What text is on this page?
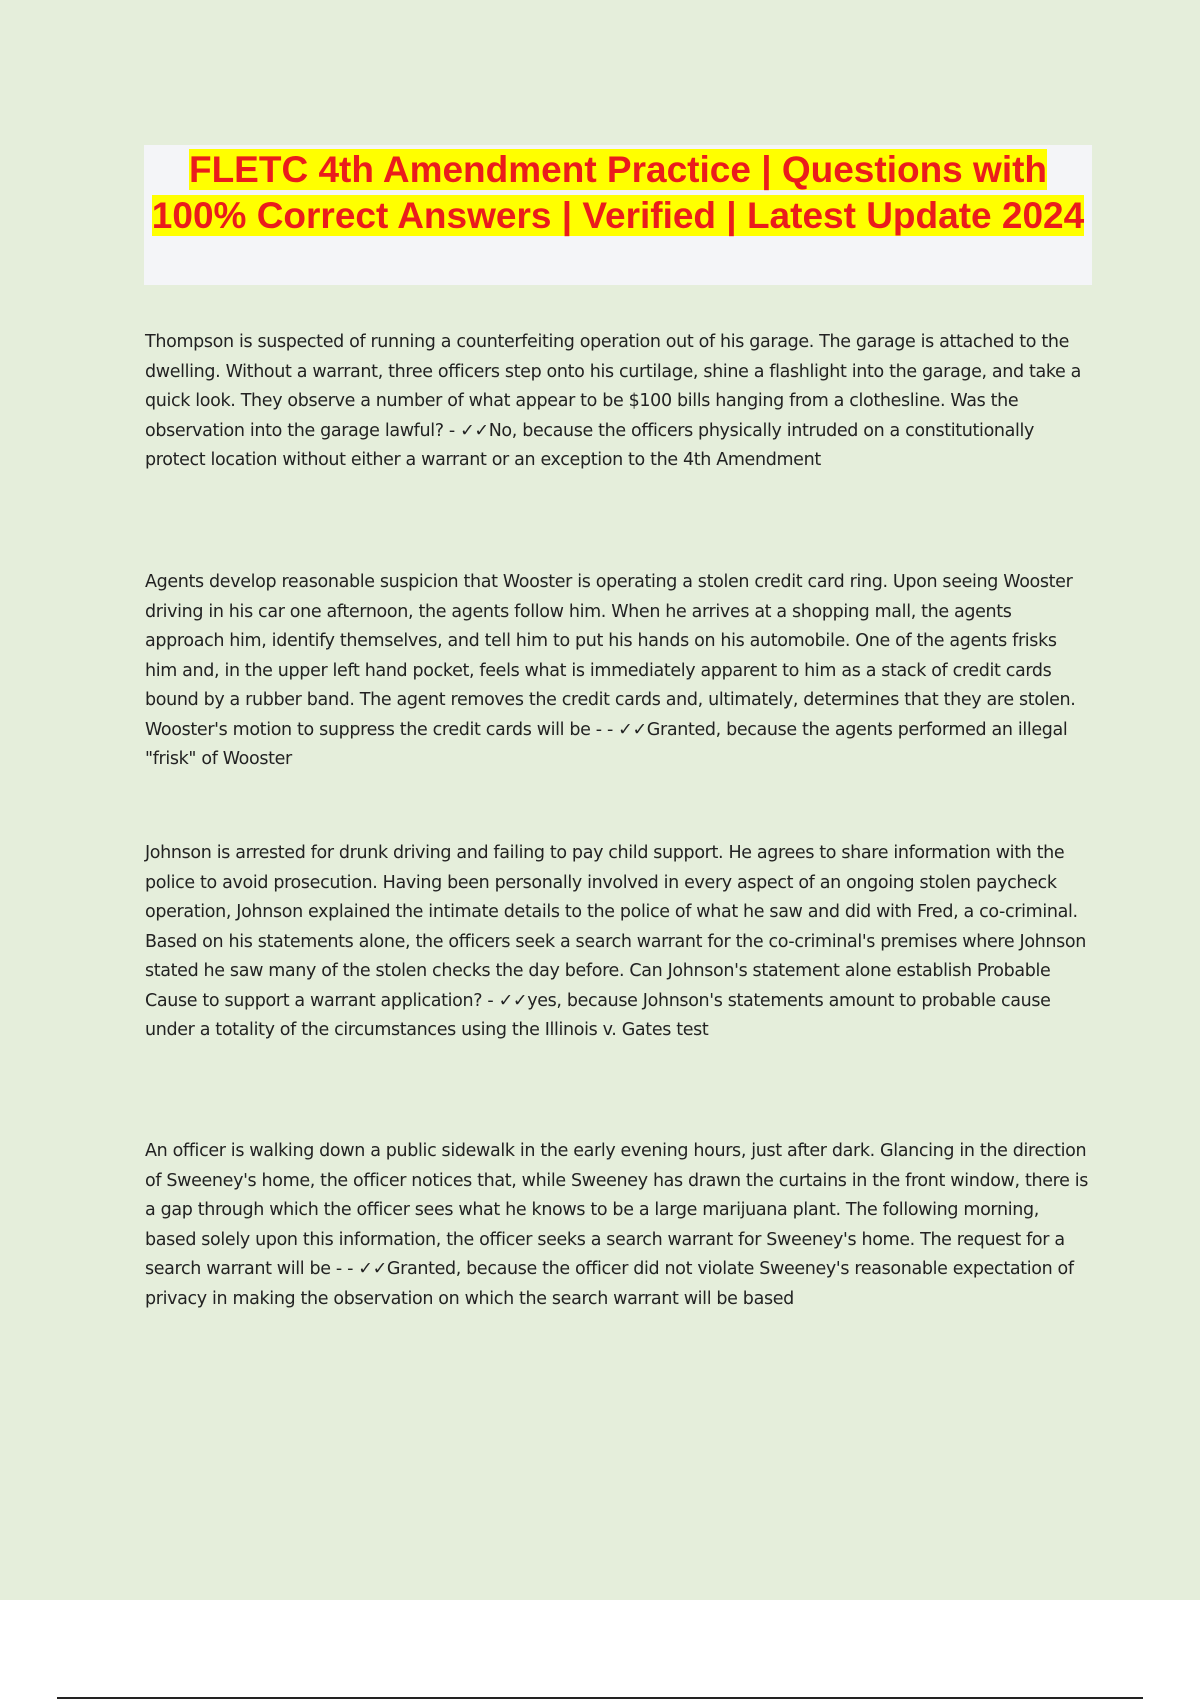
FLETC 4th Amendment Practice | Questions with 100% Correct Answers | Verified | Latest Update 2024

Thompson is suspected of running a counterfeiting operation out of his garage. The garage is attached to the dwelling. Without a warrant, three officers step onto his curtilage, shine a flashlight into the garage, and take a quick look. They observe a number of what appear to be $100 bills hanging from a clothesline. Was the observation into the garage lawful? - ✓✓No, because the officers physically intruded on a constitutionally protect location without either a warrant or an exception to the 4th Amendment

Agents develop reasonable suspicion that Wooster is operating a stolen credit card ring. Upon seeing Wooster driving in his car one afternoon, the agents follow him. When he arrives at a shopping mall, the agents approach him, identify themselves, and tell him to put his hands on his automobile. One of the agents frisks him and, in the upper left hand pocket, feels what is immediately apparent to him as a stack of credit cards bound by a rubber band. The agent removes the credit cards and, ultimately, determines that they are stolen. Wooster's motion to suppress the credit cards will be - - ✓✓Granted, because the agents performed an illegal "frisk" of Wooster

Johnson is arrested for drunk driving and failing to pay child support. He agrees to share information with the police to avoid prosecution. Having been personally involved in every aspect of an ongoing stolen paycheck operation, Johnson explained the intimate details to the police of what he saw and did with Fred, a co-criminal. Based on his statements alone, the officers seek a search warrant for the co-criminal's premises where Johnson stated he saw many of the stolen checks the day before. Can Johnson's statement alone establish Probable Cause to support a warrant application? - ✓✓yes, because Johnson's statements amount to probable cause under a totality of the circumstances using the Illinois v. Gates test

An officer is walking down a public sidewalk in the early evening hours, just after dark. Glancing in the direction of Sweeney's home, the officer notices that, while Sweeney has drawn the curtains in the front window, there is a gap through which the officer sees what he knows to be a large marijuana plant. The following morning, based solely upon this information, the officer seeks a search warrant for Sweeney's home. The request for a search warrant will be - - ✓✓Granted, because the officer did not violate Sweeney's reasonable expectation of privacy in making the observation on which the search warrant will be based
